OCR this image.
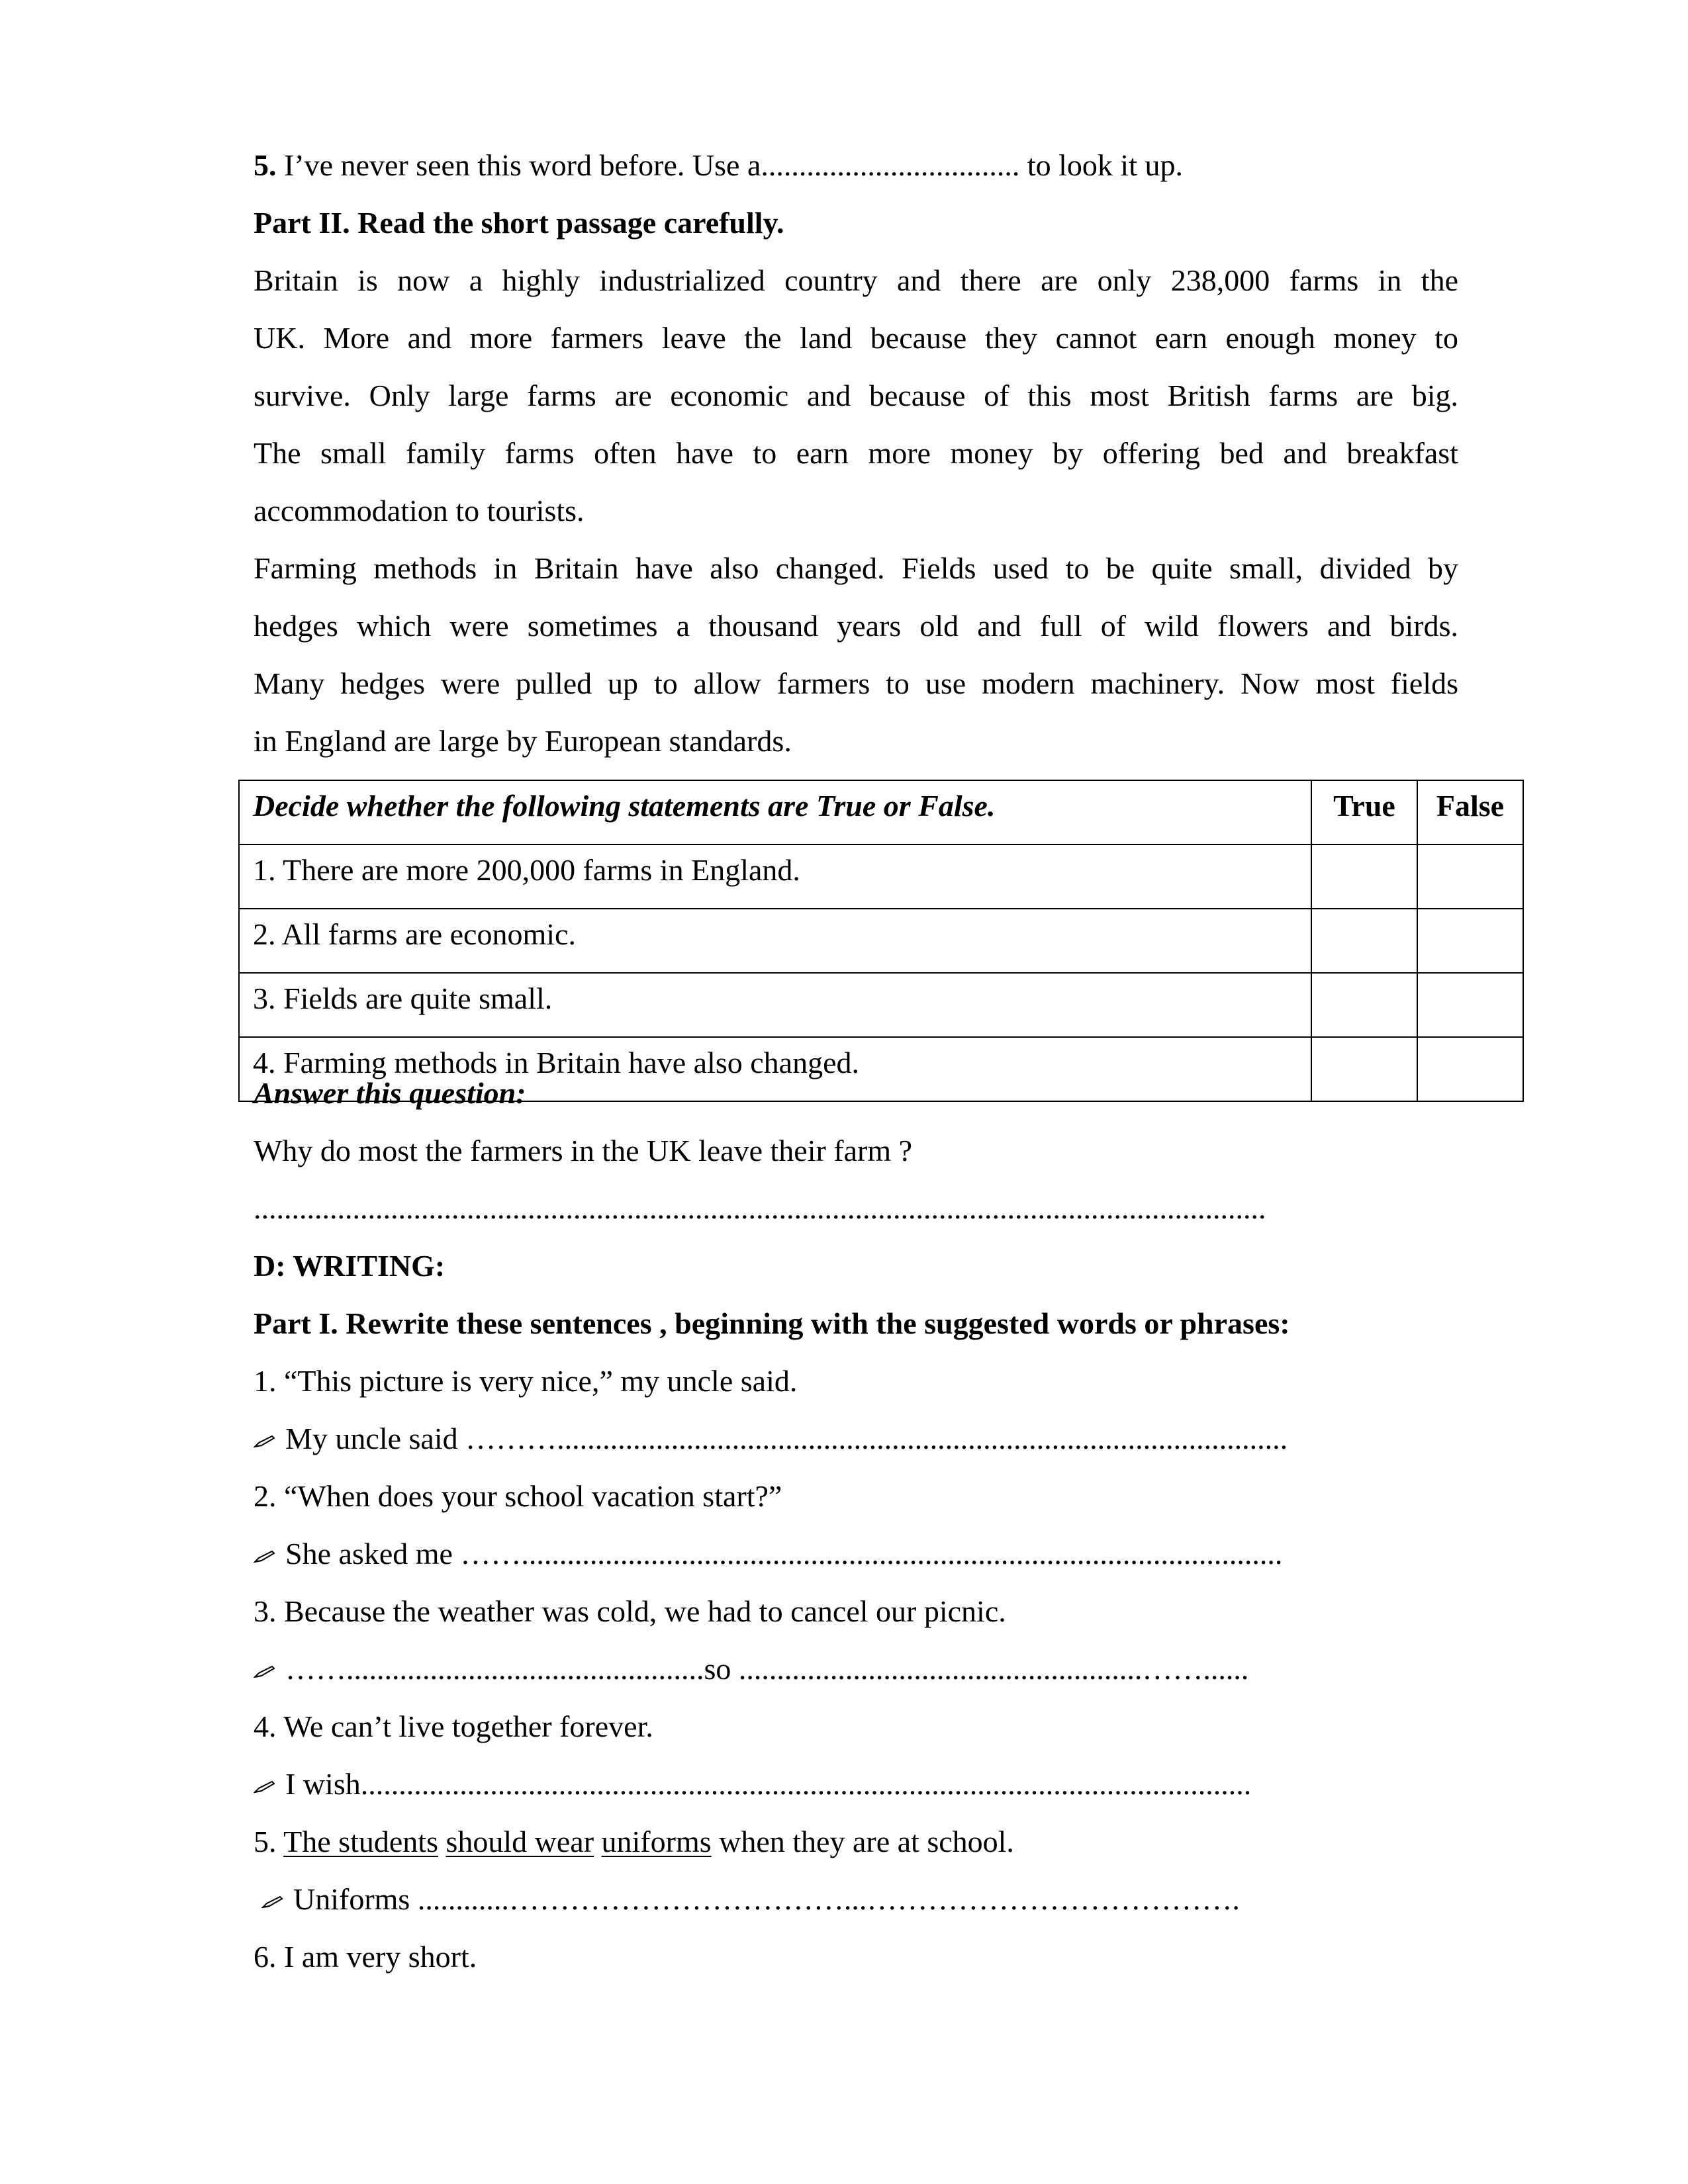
5. I’ve never seen this word before. Use a.................................. to look it up.
Part II. Read the short passage carefully.
Britain is now a highly industrialized country and there are only 238,000 farms in the
UK. More and more farmers leave the land because they cannot earn enough money to
survive. Only large farms are economic and because of this most British farms are big.
The small family farms often have to earn more money by offering bed and breakfast
accommodation to tourists.
Farming methods in Britain have also changed. Fields used to be quite small, divided by
hedges which were sometimes a thousand years old and full of wild flowers and birds.
Many hedges were pulled up to allow farmers to use modern machinery. Now most fields
in England are large by European standards.
Decide whether the following statements are True or False.	True	False
1. There are more 200,000 farms in England.		
2. All farms are economic.		
3. Fields are quite small.		
4. Farming methods in Britain have also changed.		
Answer this question:
Why do most the farmers in the UK leave their farm ?
.....................................................................................................................................
D: WRITING:
Part I. Rewrite these sentences , beginning with the suggested words or phrases:
1. “This picture is very nice,” my uncle said.
My uncle said ………................................................................................................
2. “When does your school vacation start?”
She asked me ……....................................................................................................
3. Because the weather was cold, we had to cancel our picnic.
……...............................................so .....................................................……......
4. We can’t live together forever.
I wish.....................................................................................................................
5. The students should wear uniforms when they are at school.
Uniforms ............……………………………...……………………………….
6. I am very short.
